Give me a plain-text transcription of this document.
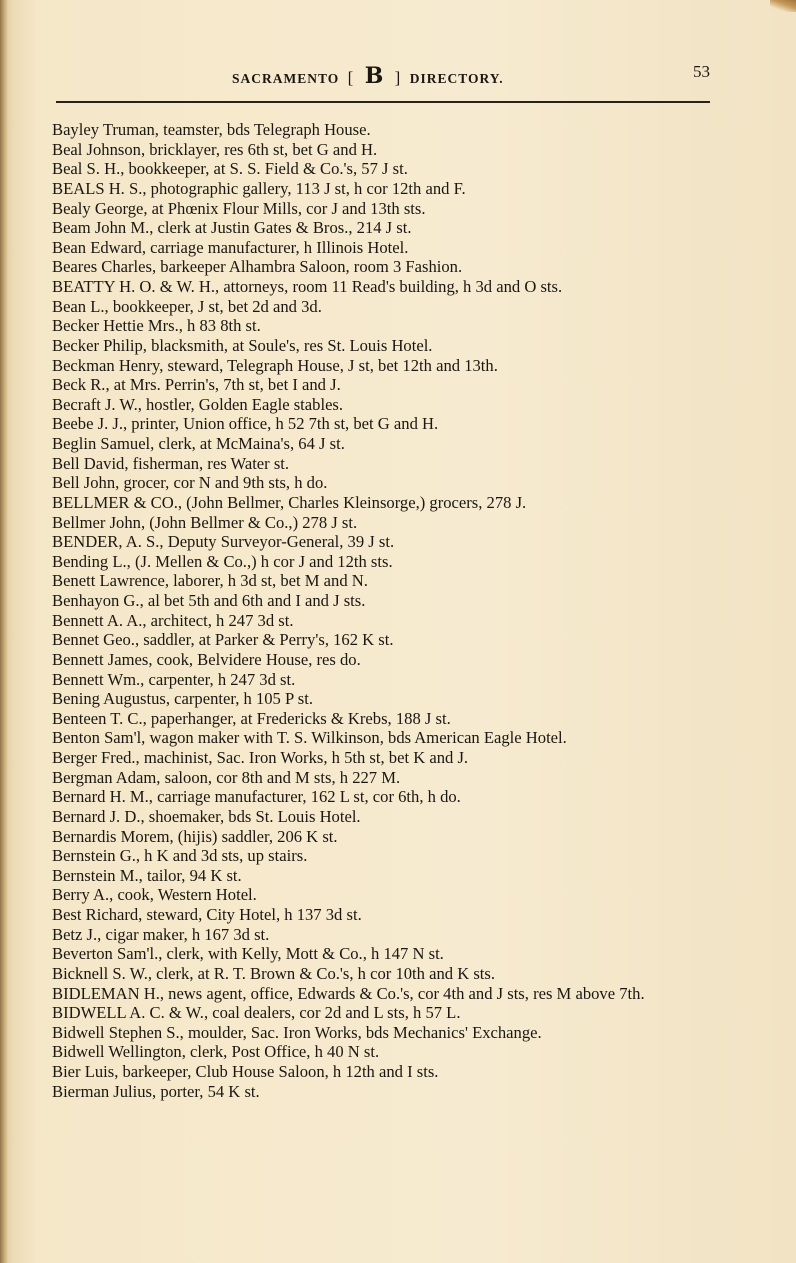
SACRAMENTO [ B ] DIRECTORY.	53
Bayley Truman, teamster, bds Telegraph House.
Beal Johnson, bricklayer, res 6th st, bet G and H.
Beal S. H., bookkeeper, at S. S. Field & Co.'s, 57 J st.
BEALS H. S., photographic gallery, 113 J st, h cor 12th and F.
Bealy George, at Phœnix Flour Mills, cor J and 13th sts.
Beam John M., clerk at Justin Gates & Bros., 214 J st.
Bean Edward, carriage manufacturer, h Illinois Hotel.
Beares Charles, barkeeper Alhambra Saloon, room 3 Fashion.
BEATTY H. O. & W. H., attorneys, room 11 Read's building, h 3d and O sts.
Bean L., bookkeeper, J st, bet 2d and 3d.
Becker Hettie Mrs., h 83 8th st.
Becker Philip, blacksmith, at Soule's, res St. Louis Hotel.
Beckman Henry, steward, Telegraph House, J st, bet 12th and 13th.
Beck R., at Mrs. Perrin's, 7th st, bet I and J.
Becraft J. W., hostler, Golden Eagle stables.
Beebe J. J., printer, Union office, h 52 7th st, bet G and H.
Beglin Samuel, clerk, at McMaina's, 64 J st.
Bell David, fisherman, res Water st.
Bell John, grocer, cor N and 9th sts, h do.
BELLMER & CO., (John Bellmer, Charles Kleinsorge,) grocers, 278 J.
Bellmer John, (John Bellmer & Co.,) 278 J st.
BENDER, A. S., Deputy Surveyor-General, 39 J st.
Bending L., (J. Mellen & Co.,) h cor J and 12th sts.
Benett Lawrence, laborer, h 3d st, bet M and N.
Benhayon G., al bet 5th and 6th and I and J sts.
Bennett A. A., architect, h 247 3d st.
Bennet Geo., saddler, at Parker & Perry's, 162 K st.
Bennett James, cook, Belvidere House, res do.
Bennett Wm., carpenter, h 247 3d st.
Bening Augustus, carpenter, h 105 P st.
Benteen T. C., paperhanger, at Fredericks & Krebs, 188 J st.
Benton Sam'l, wagon maker with T. S. Wilkinson, bds American Eagle Hotel.
Berger Fred., machinist, Sac. Iron Works, h 5th st, bet K and J.
Bergman Adam, saloon, cor 8th and M sts, h 227 M.
Bernard H. M., carriage manufacturer, 162 L st, cor 6th, h do.
Bernard J. D., shoemaker, bds St. Louis Hotel.
Bernardis Morem, (hijis) saddler, 206 K st.
Bernstein G., h K and 3d sts, up stairs.
Bernstein M., tailor, 94 K st.
Berry A., cook, Western Hotel.
Best Richard, steward, City Hotel, h 137 3d st.
Betz J., cigar maker, h 167 3d st.
Beverton Sam'l., clerk, with Kelly, Mott & Co., h 147 N st.
Bicknell S. W., clerk, at R. T. Brown & Co.'s, h cor 10th and K sts.
BIDLEMAN H., news agent, office, Edwards & Co.'s, cor 4th and J sts, res M above 7th.
BIDWELL A. C. & W., coal dealers, cor 2d and L sts, h 57 L.
Bidwell Stephen S., moulder, Sac. Iron Works, bds Mechanics' Exchange.
Bidwell Wellington, clerk, Post Office, h 40 N st.
Bier Luis, barkeeper, Club House Saloon, h 12th and I sts.
Bierman Julius, porter, 54 K st.
